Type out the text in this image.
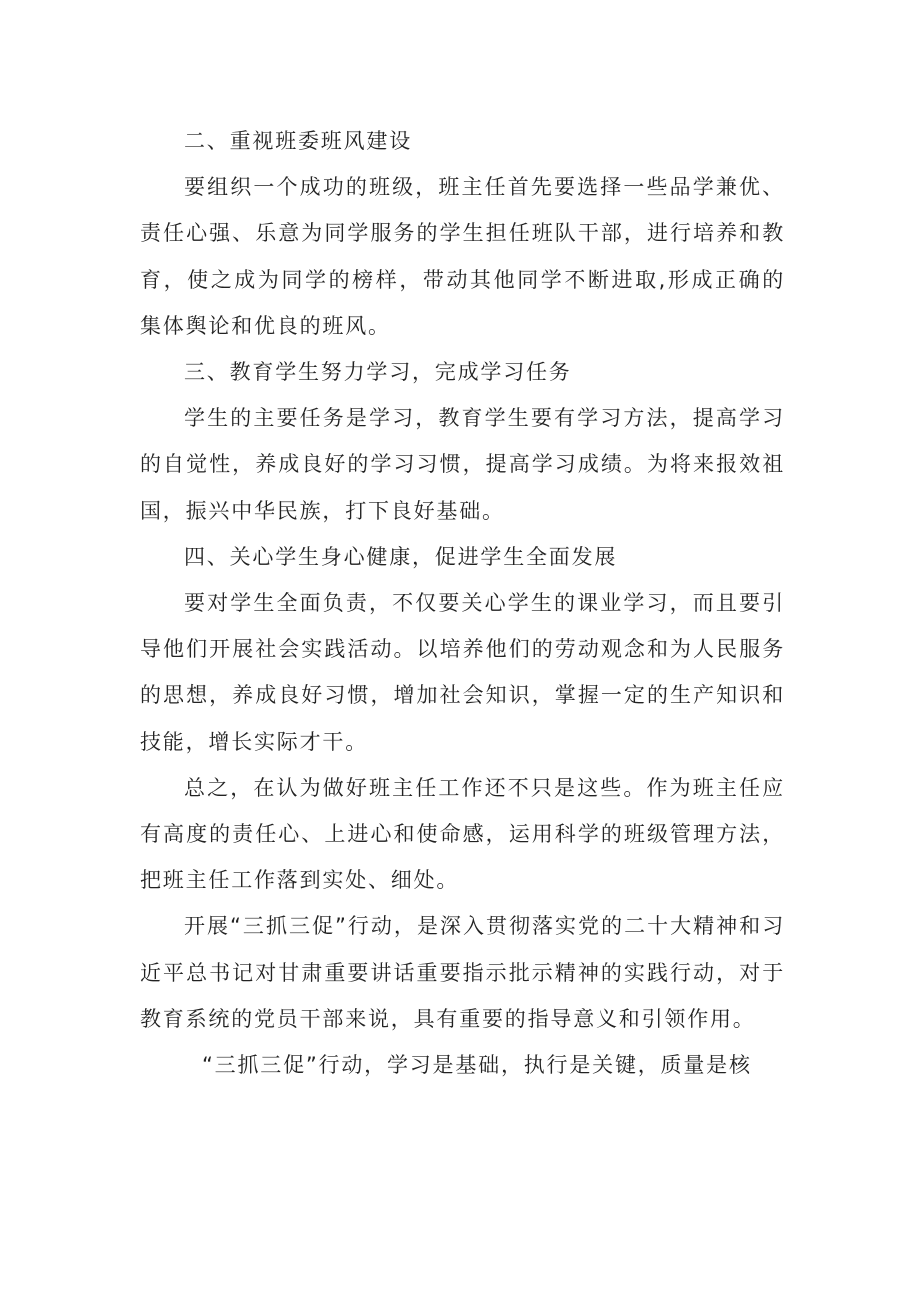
二、重视班委班风建设

要组织一个成功的班级，班主任首先要选择一些品学兼优、责任心强、乐意为同学服务的学生担任班队干部，进行培养和教育，使之成为同学的榜样，带动其他同学不断进取,形成正确的集体舆论和优良的班风。

三、教育学生努力学习，完成学习任务

学生的主要任务是学习，教育学生要有学习方法，提高学习的自觉性，养成良好的学习习惯，提高学习成绩。为将来报效祖国，振兴中华民族，打下良好基础。

四、关心学生身心健康，促进学生全面发展

要对学生全面负责，不仅要关心学生的课业学习，而且要引导他们开展社会实践活动。以培养他们的劳动观念和为人民服务的思想，养成良好习惯，增加社会知识，掌握一定的生产知识和技能，增长实际才干。

总之，在认为做好班主任工作还不只是这些。作为班主任应有高度的责任心、上进心和使命感，运用科学的班级管理方法，把班主任工作落到实处、细处。

开展“三抓三促”行动，是深入贯彻落实党的二十大精神和习近平总书记对甘肃重要讲话重要指示批示精神的实践行动，对于教育系统的党员干部来说，具有重要的指导意义和引领作用。

“三抓三促”行动，学习是基础，执行是关键，质量是核
